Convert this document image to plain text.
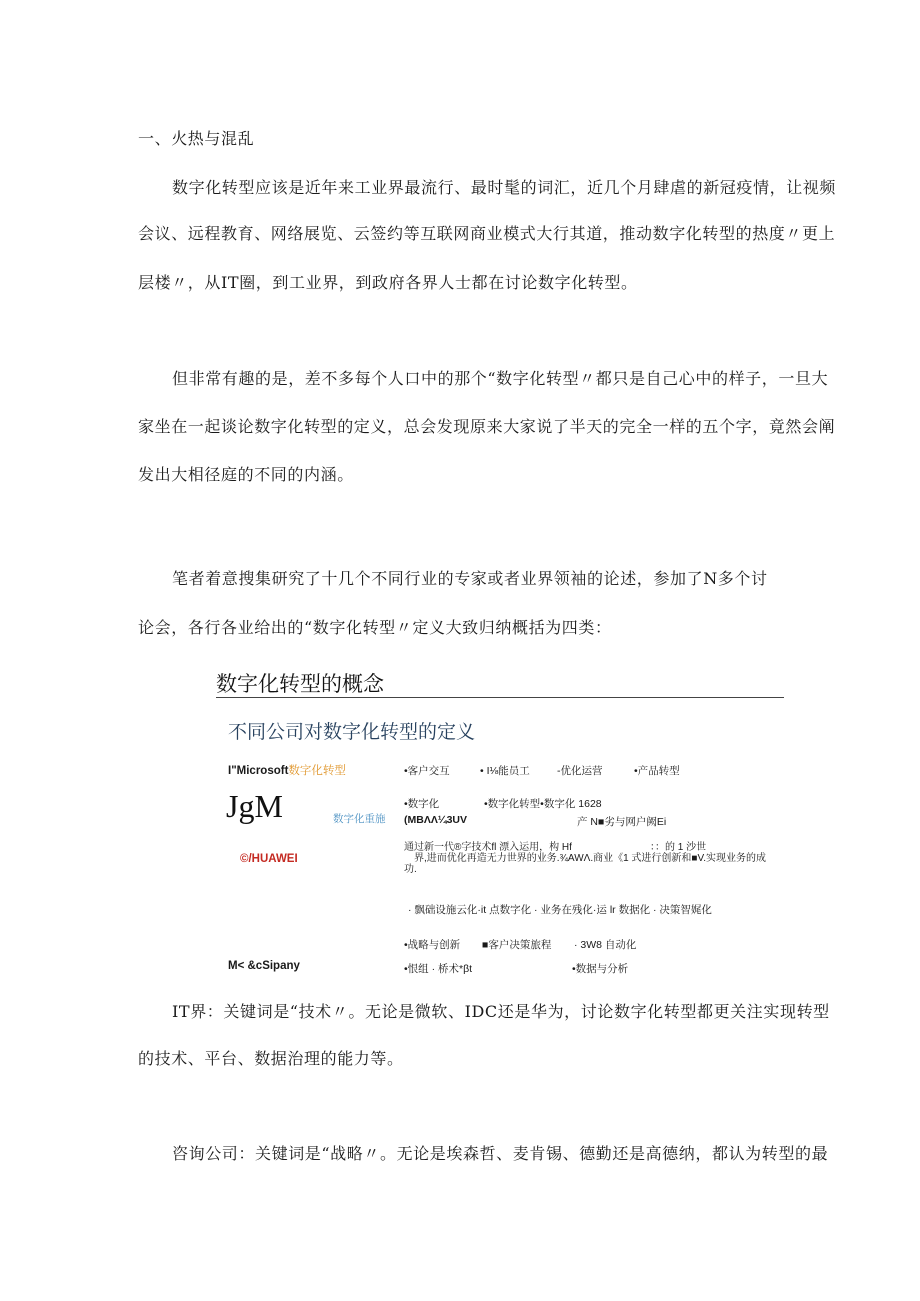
一、火热与混乱
数字化转型应该是近年来工业界最流行、最时髦的词汇，近几个月肆虐的新冠疫情，让视频
会议、远程教育、网络展览、云签约等互联网商业模式大行其道，推动数字化转型的热度〃更上
层楼〃，从IT圈，到工业界，到政府各界人士都在讨论数字化转型。
但非常有趣的是，差不多每个人口中的那个“数字化转型〃都只是自己心中的样子，一旦大
家坐在一起谈论数字化转型的定义，总会发现原来大家说了半天的完全一样的五个字，竟然会阐
发出大相径庭的不同的内涵。
笔者着意搜集研究了十几个不同行业的专家或者业界领袖的论述，参加了N多个讨
论会，各行各业给出的“数字化转型〃定义大致归纳概括为四类：
数字化转型的概念
不同公司对数字化转型的定义
I"Microsoft数字化转型	•客户交互	• I⅛能员工	-优化运营	•产品转型
JgM	数字化重施
•数字化	•数字化转型•数字化 1628
(MBΛΛ¼3UV	产 N■劣与网户阙Ei
©/HUAWEI
通过新一代®字技术fl 漂入运用，构 Hf	：：的 1 沙世
界,进而优化再造无力世界的业务.¾AWΛ.商业《1 式进行创新和■V.实现业务的成
功.
· 飘础设施云化·it 点数字化 · 业务在残化·运 lr 数据化 · 决策智娓化
•战略与创新 ■客户决策旅程 · 3W8 自动化
M< &cSipany	•恨组 · 桥术*βt	•数据与分析
IT界：关键词是“技术〃。无论是微软、IDC还是华为，讨论数字化转型都更关注实现转型
的技术、平台、数据治理的能力等。
咨询公司：关键词是“战略〃。无论是埃森哲、麦肯锡、德勤还是高德纳，都认为转型的最
